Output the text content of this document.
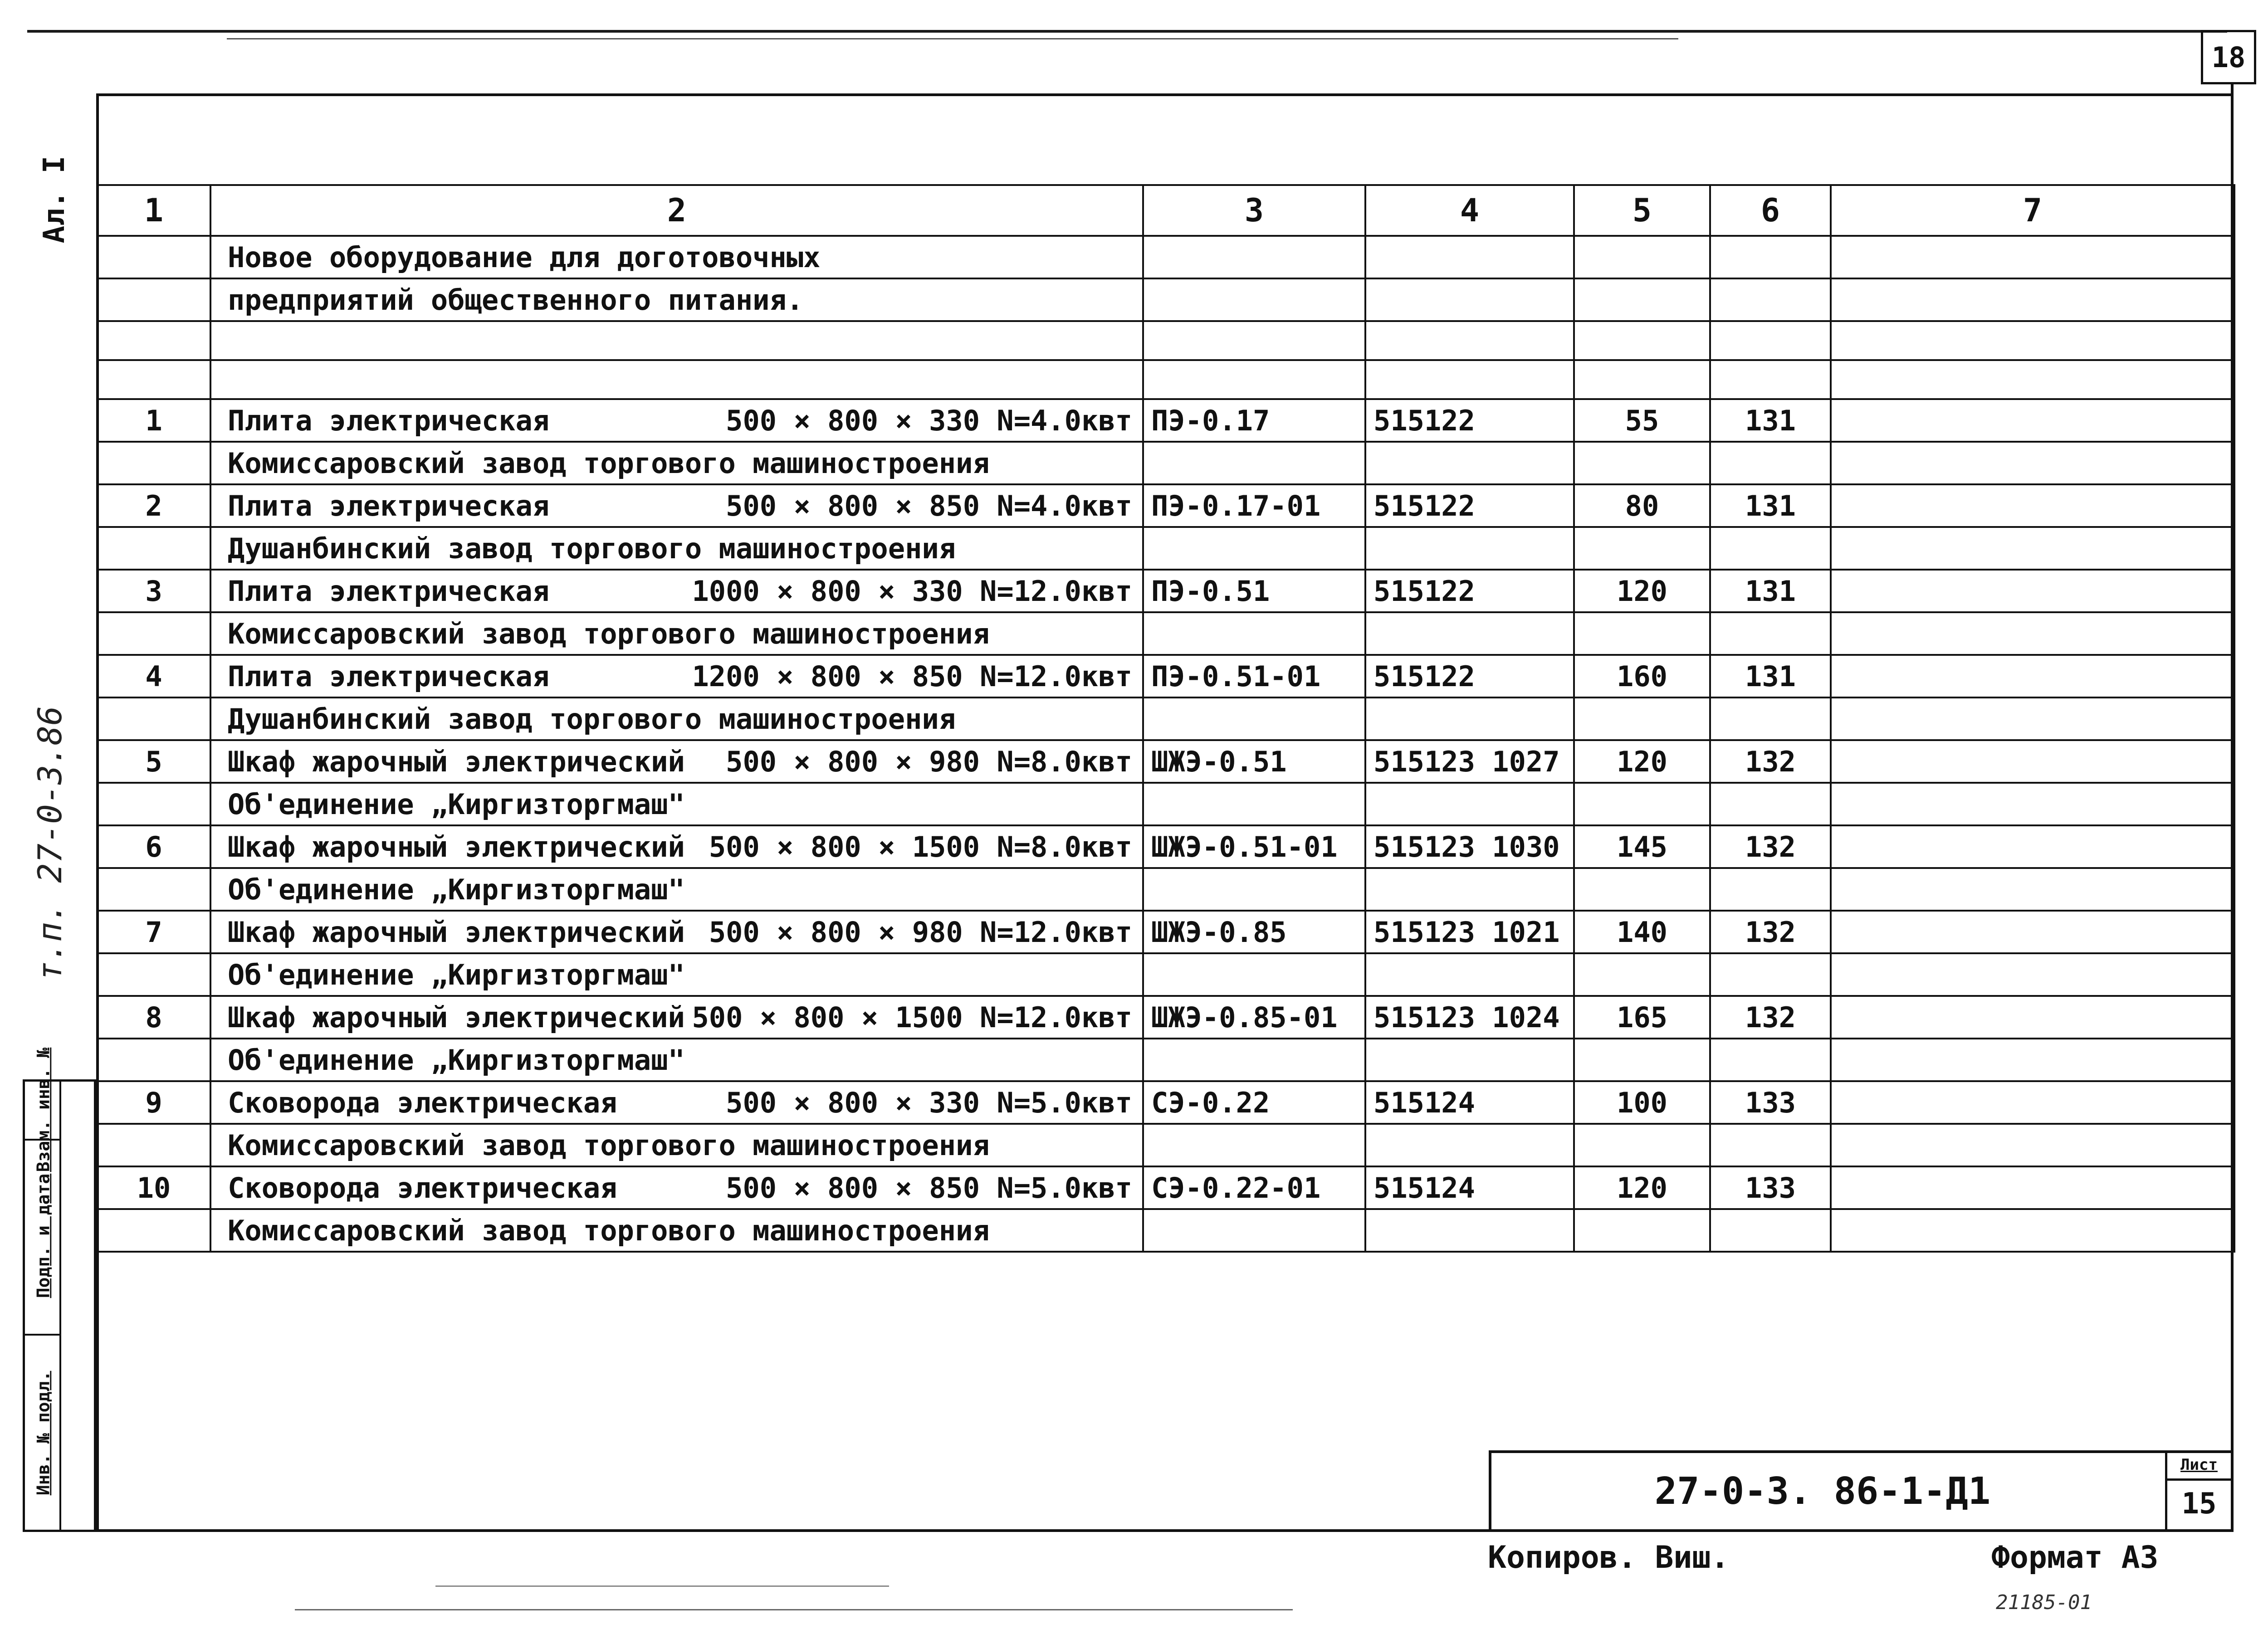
18
Ал. I
т.п. 27-0-3.86
Инв. № подл.
Подп. и дата
Взам. инв. №
1	2	3	4	5	6	7
	Новое оборудование для доготовочных					
	предприятий общественного питания.					

1	Плита электрическая 500 × 800 × 330 N=4.0квт	ПЭ-0.17	515122	55	131	
	Комиссаровский завод торгового машиностроения					
2	Плита электрическая 500 × 800 × 850 N=4.0квт	ПЭ-0.17-01	515122	80	131	
	Душанбинский завод торгового машиностроения					
3	Плита электрическая 1000 × 800 × 330 N=12.0квт	ПЭ-0.51	515122	120	131	
	Комиссаровский завод торгового машиностроения					
4	Плита электрическая 1200 × 800 × 850 N=12.0квт	ПЭ-0.51-01	515122	160	131	
	Душанбинский завод торгового машиностроения					
5	Шкаф жарочный электрический 500 × 800 × 980 N=8.0квт	ШЖЭ-0.51	515123 1027	120	132	
	Об'единение „Киргизторгмаш"					
6	Шкаф жарочный электрический 500 × 800 × 1500 N=8.0квт	ШЖЭ-0.51-01	515123 1030	145	132	
	Об'единение „Киргизторгмаш"					
7	Шкаф жарочный электрический 500 × 800 × 980 N=12.0квт	ШЖЭ-0.85	515123 1021	140	132	
	Об'единение „Киргизторгмаш"					
8	Шкаф жарочный электрический 500 × 800 × 1500 N=12.0квт	ШЖЭ-0.85-01	515123 1024	165	132	
	Об'единение „Киргизторгмаш"					
9	Сковорода электрическая 500 × 800 × 330 N=5.0квт	СЭ-0.22	515124	100	133	
	Комиссаровский завод торгового машиностроения					
10	Сковорода электрическая 500 × 800 × 850 N=5.0квт	СЭ-0.22-01	515124	120	133	
	Комиссаровский завод торгового машиностроения					
27-0-3. 86-1-Д1
Лист
15
Копиров. Виш.	Формат А3
21185-01
